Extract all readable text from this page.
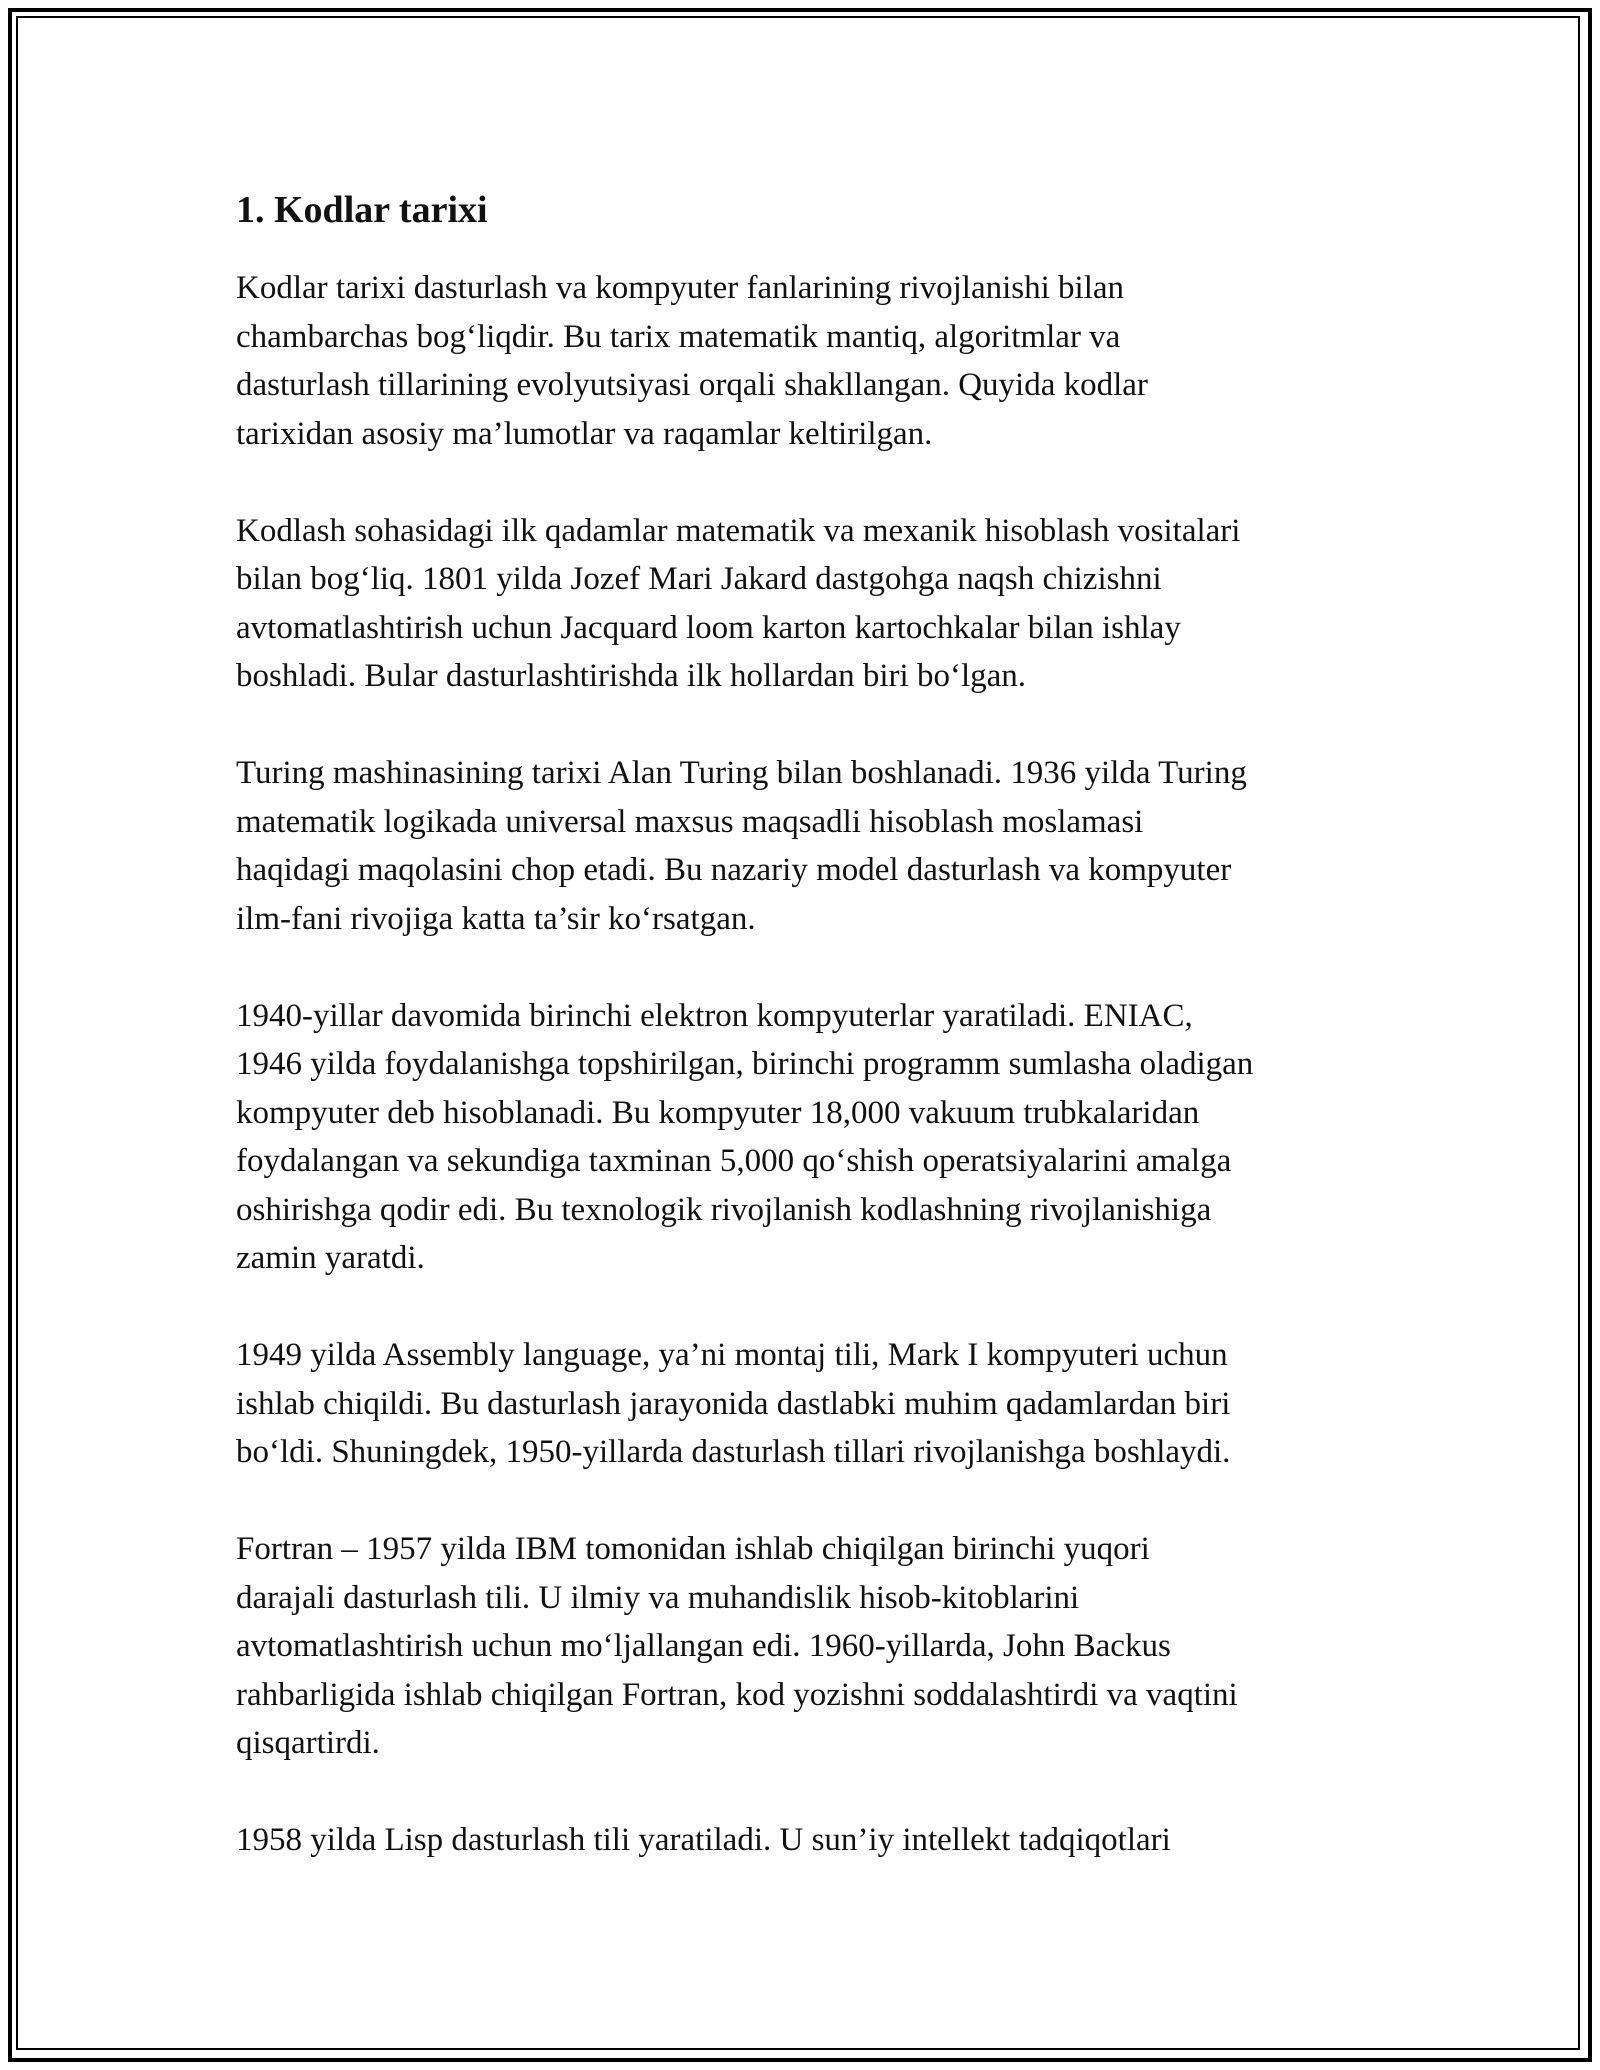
1. Kodlar tarixi

Kodlar tarixi dasturlash va kompyuter fanlarining rivojlanishi bilan
chambarchas bog‘liqdir. Bu tarix matematik mantiq, algoritmlar va
dasturlash tillarining evolyutsiyasi orqali shakllangan. Quyida kodlar
tarixidan asosiy ma’lumotlar va raqamlar keltirilgan.

Kodlash sohasidagi ilk qadamlar matematik va mexanik hisoblash vositalari
bilan bog‘liq. 1801 yilda Jozef Mari Jakard dastgohga naqsh chizishni
avtomatlashtirish uchun Jacquard loom karton kartochkalar bilan ishlay
boshladi. Bular dasturlashtirishda ilk hollardan biri bo‘lgan.

Turing mashinasining tarixi Alan Turing bilan boshlanadi. 1936 yilda Turing
matematik logikada universal maxsus maqsadli hisoblash moslamasi
haqidagi maqolasini chop etadi. Bu nazariy model dasturlash va kompyuter
ilm-fani rivojiga katta ta’sir ko‘rsatgan.

1940-yillar davomida birinchi elektron kompyuterlar yaratiladi. ENIAC,
1946 yilda foydalanishga topshirilgan, birinchi programm sumlasha oladigan
kompyuter deb hisoblanadi. Bu kompyuter 18,000 vakuum trubkalaridan
foydalangan va sekundiga taxminan 5,000 qo‘shish operatsiyalarini amalga
oshirishga qodir edi. Bu texnologik rivojlanish kodlashning rivojlanishiga
zamin yaratdi.

1949 yilda Assembly language, ya’ni montaj tili, Mark I kompyuteri uchun
ishlab chiqildi. Bu dasturlash jarayonida dastlabki muhim qadamlardan biri
bo‘ldi. Shuningdek, 1950-yillarda dasturlash tillari rivojlanishga boshlaydi.

Fortran – 1957 yilda IBM tomonidan ishlab chiqilgan birinchi yuqori
darajali dasturlash tili. U ilmiy va muhandislik hisob-kitoblarini
avtomatlashtirish uchun mo‘ljallangan edi. 1960-yillarda, John Backus
rahbarligida ishlab chiqilgan Fortran, kod yozishni soddalashtirdi va vaqtini
qisqartirdi.

1958 yilda Lisp dasturlash tili yaratiladi. U sun’iy intellekt tadqiqotlari
